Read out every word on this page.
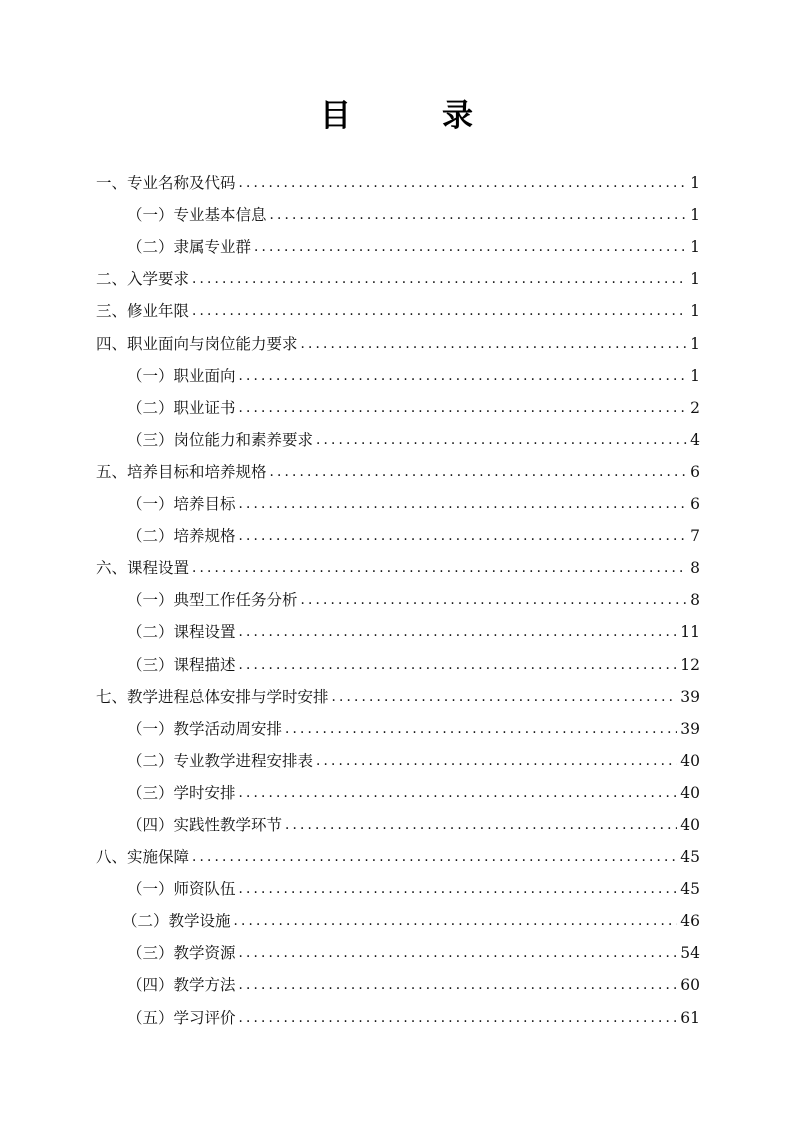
目　录
一、专业名称及代码 .....	1
（一）专业基本信息 .....	1
（二）隶属专业群 .....	1
二、入学要求 .....	1
三、修业年限 .....	1
四、职业面向与岗位能力要求 .....	1
（一）职业面向 .....	1
（二）职业证书 .....	2
（三）岗位能力和素养要求 .....	4
五、培养目标和培养规格 .....	6
（一）培养目标 .....	6
（二）培养规格 .....	7
六、课程设置 .....	8
（一）典型工作任务分析 .....	8
（二）课程设置 .....	11
（三）课程描述 .....	12
七、教学进程总体安排与学时安排 .....	39
（一）教学活动周安排 .....	39
（二）专业教学进程安排表 .....	40
（三）学时安排 .....	40
（四）实践性教学环节 .....	40
八、实施保障 .....	45
（一）师资队伍 .....	45
（二）教学设施 .....	46
（三）教学资源 .....	54
（四）教学方法 .....	60
（五）学习评价 .....	61
